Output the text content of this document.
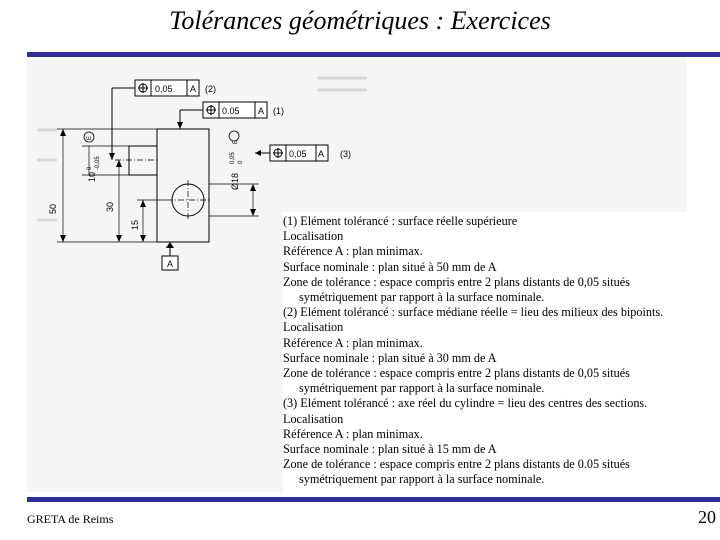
Tolérances géométriques : Exercices
0,05 A (2)
0.05 A (1)
0,05 A (3)
Ø18
0,05 0
E
10
0 -0,05
E
50	30
15
A
(1) Elément tolérancé : surface réelle supérieure
Localisation
Référence A : plan minimax.
Surface nominale : plan situé à 50 mm de A
Zone de tolérance : espace compris entre 2 plans distants de 0,05 situés
symétriquement par rapport à la surface nominale.
(2) Elément tolérancé : surface médiane réelle = lieu des milieux des bipoints.
Localisation
Référence A : plan minimax.
Surface nominale : plan situé à 30 mm de A
Zone de tolérance : espace compris entre 2 plans distants de 0,05 situés
symétriquement par rapport à la surface nominale.
(3) Elément tolérancé : axe réel du cylindre = lieu des centres des sections.
Localisation
Référence A : plan minimax.
Surface nominale : plan situé à 15 mm de A
Zone de tolérance : espace compris entre 2 plans distants de 0.05 situés
symétriquement par rapport à la surface nominale.
GRETA de Reims	20
